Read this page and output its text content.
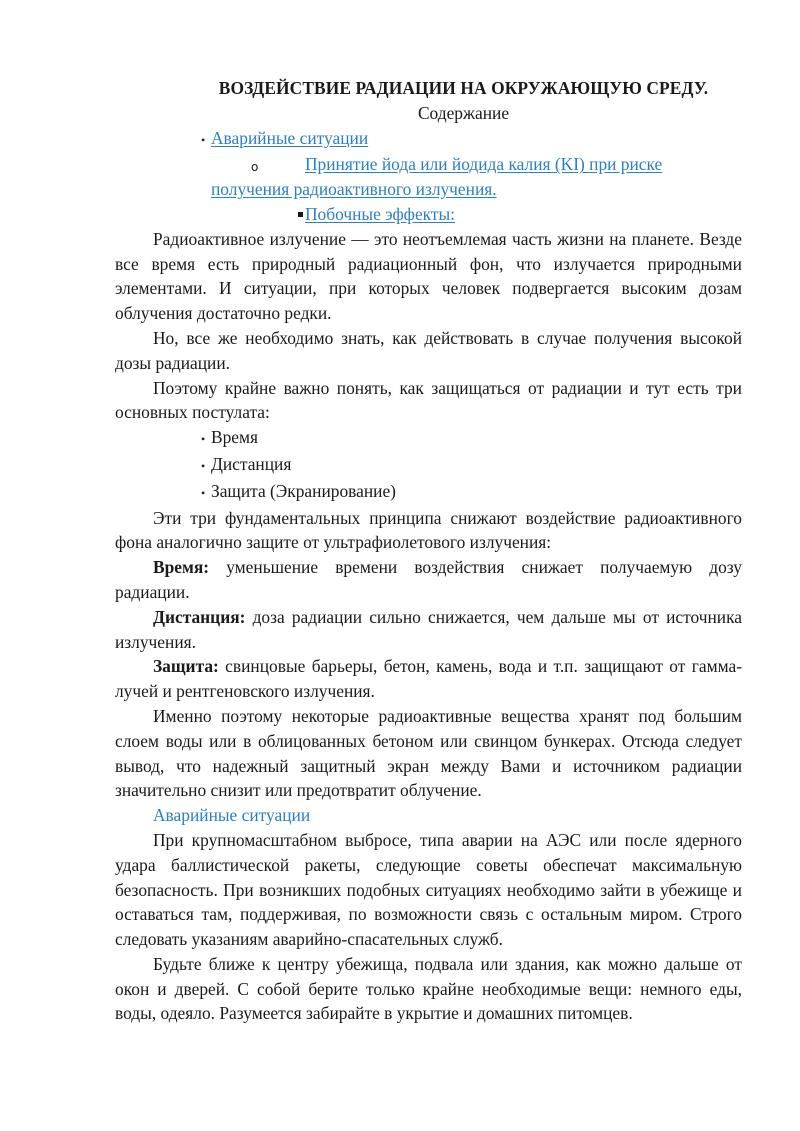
ВОЗДЕЙСТВИЕ РАДИАЦИИ НА ОКРУЖАЮЩУЮ СРЕДУ.
Содержание
• Аварийные ситуации
o	Принятие йода или йодида калия (KI) при риске
получения радиоактивного излучения.
Побочные эффекты:

Радиоактивное излучение — это неотъемлемая часть жизни на планете. Везде все время есть природный радиационный фон, что излучается природными элементами. И ситуации, при которых человек подвергается высоким дозам облучения достаточно редки.

Но, все же необходимо знать, как действовать в случае получения высокой дозы радиации.

Поэтому крайне важно понять, как защищаться от радиации и тут есть три основных постулата:

• Время
• Дистанция
• Защита (Экранирование)

Эти три фундаментальных принципа снижают воздействие радиоактивного фона аналогично защите от ультрафиолетового излучения:

Время: уменьшение времени воздействия снижает получаемую дозу радиации.

Дистанция: доза радиации сильно снижается, чем дальше мы от источника излучения.

Защита: свинцовые барьеры, бетон, камень, вода и т.п. защищают от гамма-лучей и рентгеновского излучения.

Именно поэтому некоторые радиоактивные вещества хранят под большим слоем воды или в облицованных бетоном или свинцом бункерах. Отсюда следует вывод, что надежный защитный экран между Вами и источником радиации значительно снизит или предотвратит облучение.

Аварийные ситуации

При крупномасштабном выбросе, типа аварии на АЭС или после ядерного удара баллистической ракеты, следующие советы обеспечат максимальную безопасность. При возникших подобных ситуациях необходимо зайти в убежище и оставаться там, поддерживая, по возможности связь с остальным миром. Строго следовать указаниям аварийно-спасательных служб.

Будьте ближе к центру убежища, подвала или здания, как можно дальше от окон и дверей. С собой берите только крайне необходимые вещи: немного еды, воды, одеяло. Разумеется забирайте в укрытие и домашних питомцев.
